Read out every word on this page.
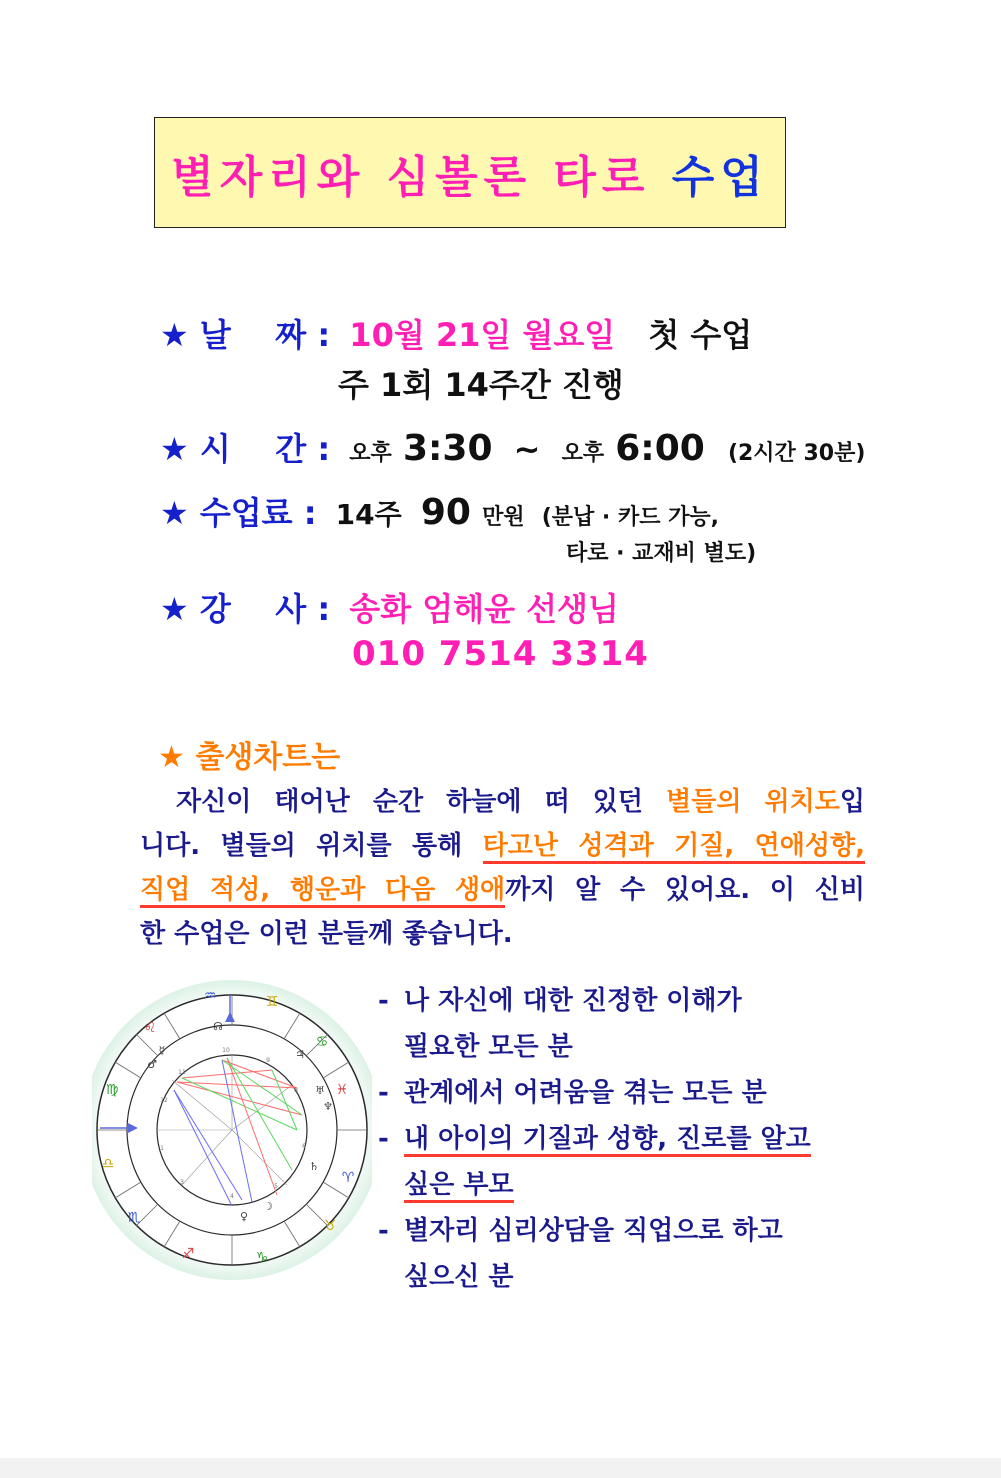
별자리와 심볼론 타로 수업
★ 날    짜 : 10월 21일 월요일 첫 수업
주 1회 14주간 진행
★ 시    간 : 오후 3:30 ~ 오후 6:00 (2시간 30분)
★ 수업료 : 14주 90 만원 (분납 · 카드 가능,
타로 · 교재비 별도)
★ 강    사 : 송화 엄해윤 선생님
010 7514 3314
★ 출생차트는
자신이 태어난 순간 하늘에 떠 있던 별들의 위치도입
니다. 별들의 위치를 통해 타고난 성격과 기질, 연애성향,
직업 적성, 행운과 다음 생애까지 알 수 있어요. 이 신비
한 수업은 이런 분들께 좋습니다.
♒	♊
♋
♌
♍
♎
♏
♐	♑
♓
♈
♉
☊
☿
♂
♃
♅
♆
♄
☽
♀
10
11
12
1
3
4
5
6
8
9
- 나 자신에 대한 진정한 이해가
필요한 모든 분
- 관계에서 어려움을 겪는 모든 분
- 내 아이의 기질과 성향, 진로를 알고
싶은 부모
- 별자리 심리상담을 직업으로 하고
싶으신 분
